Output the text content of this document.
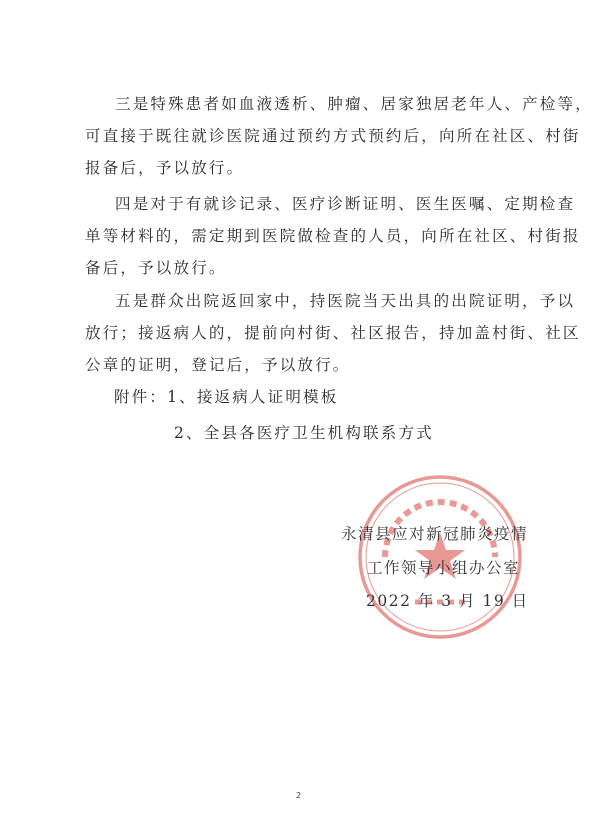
三是特殊患者如血液透析、肿瘤、居家独居老年人、产检等，
可直接于既往就诊医院通过预约方式预约后，向所在社区、村街
报备后，予以放行。
四是对于有就诊记录、医疗诊断证明、医生医嘱、定期检查
单等材料的，需定期到医院做检查的人员，向所在社区、村街报
备后，予以放行。
五是群众出院返回家中，持医院当天出具的出院证明，予以
放行；接返病人的，提前向村街、社区报告，持加盖村街、社区
公章的证明，登记后，予以放行。
附件：1、接返病人证明模板
2、全县各医疗卫生机构联系方式
永清县应对新冠肺炎疫情
工作领导小组办公室
2022 年 3 月 19 日
2
